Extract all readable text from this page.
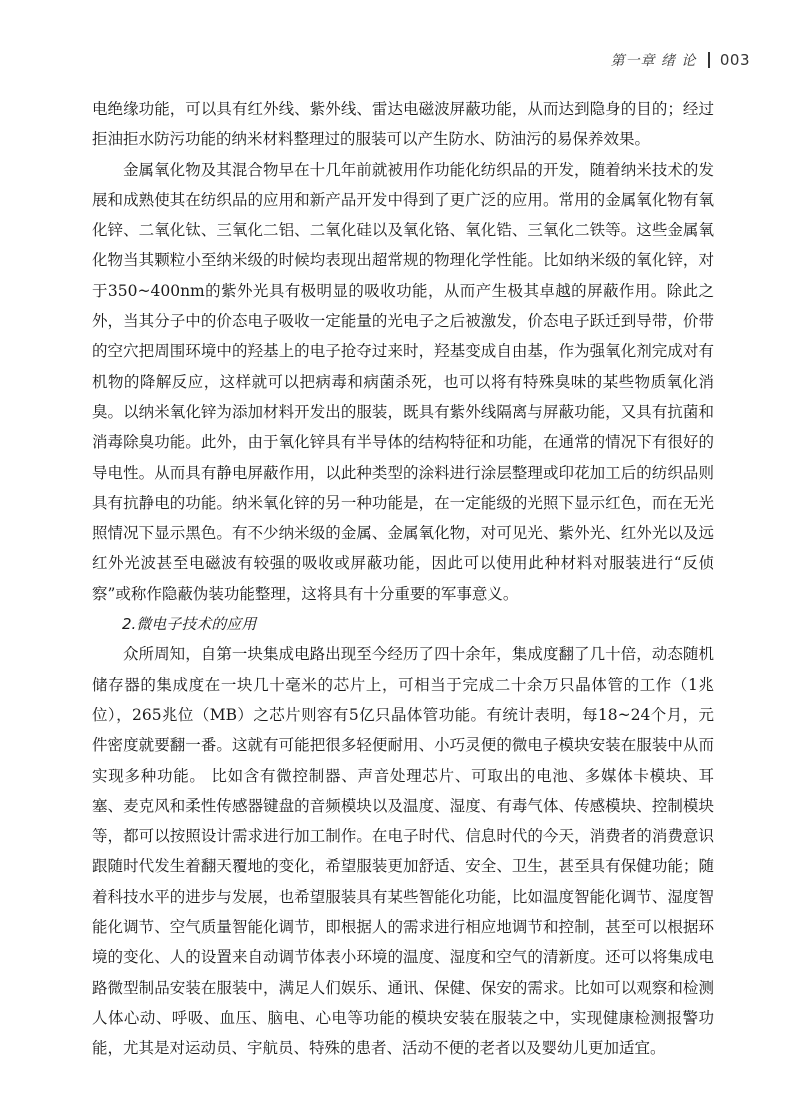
第一章 绪 论 003

电绝缘功能，可以具有红外线、紫外线、雷达电磁波屏蔽功能，从而达到隐身的目的；经过拒油拒水防污功能的纳米材料整理过的服装可以产生防水、防油污的易保养效果。

金属氧化物及其混合物早在十几年前就被用作功能化纺织品的开发，随着纳米技术的发展和成熟使其在纺织品的应用和新产品开发中得到了更广泛的应用。常用的金属氧化物有氧化锌、二氧化钛、三氧化二铝、二氧化硅以及氧化铬、氧化锆、三氧化二铁等。这些金属氧化物当其颗粒小至纳米级的时候均表现出超常规的物理化学性能。比如纳米级的氧化锌，对于350~400nm的紫外光具有极明显的吸收功能，从而产生极其卓越的屏蔽作用。除此之外，当其分子中的价态电子吸收一定能量的光电子之后被激发，价态电子跃迁到导带，价带的空穴把周围环境中的羟基上的电子抢夺过来时，羟基变成自由基，作为强氧化剂完成对有机物的降解反应，这样就可以把病毒和病菌杀死，也可以将有特殊臭味的某些物质氧化消臭。以纳米氧化锌为添加材料开发出的服装，既具有紫外线隔离与屏蔽功能，又具有抗菌和消毒除臭功能。此外，由于氧化锌具有半导体的结构特征和功能，在通常的情况下有很好的导电性。从而具有静电屏蔽作用，以此种类型的涂料进行涂层整理或印花加工后的纺织品则具有抗静电的功能。纳米氧化锌的另一种功能是，在一定能级的光照下显示红色，而在无光照情况下显示黑色。有不少纳米级的金属、金属氧化物，对可见光、紫外光、红外光以及远红外光波甚至电磁波有较强的吸收或屏蔽功能，因此可以使用此种材料对服装进行“反侦察”或称作隐蔽伪装功能整理，这将具有十分重要的军事意义。

2.微电子技术的应用

众所周知，自第一块集成电路出现至今经历了四十余年，集成度翻了几十倍，动态随机储存器的集成度在一块几十毫米的芯片上，可相当于完成二十余万只晶体管的工作（1兆位），265兆位（MB）之芯片则容有5亿只晶体管功能。有统计表明，每18~24个月，元件密度就要翻一番。这就有可能把很多轻便耐用、小巧灵便的微电子模块安装在服装中从而实现多种功能。 比如含有微控制器、声音处理芯片、可取出的电池、多媒体卡模块、耳塞、麦克风和柔性传感器键盘的音频模块以及温度、湿度、有毒气体、传感模块、控制模块等，都可以按照设计需求进行加工制作。在电子时代、信息时代的今天，消费者的消费意识跟随时代发生着翻天覆地的变化，希望服装更加舒适、安全、卫生，甚至具有保健功能；随着科技水平的进步与发展，也希望服装具有某些智能化功能，比如温度智能化调节、湿度智能化调节、空气质量智能化调节，即根据人的需求进行相应地调节和控制，甚至可以根据环境的变化、人的设置来自动调节体表小环境的温度、湿度和空气的清新度。还可以将集成电路微型制品安装在服装中，满足人们娱乐、通讯、保健、保安的需求。比如可以观察和检测人体心动、呼吸、血压、脑电、心电等功能的模块安装在服装之中，实现健康检测报警功能，尤其是对运动员、宇航员、特殊的患者、活动不便的老者以及婴幼儿更加适宜。
